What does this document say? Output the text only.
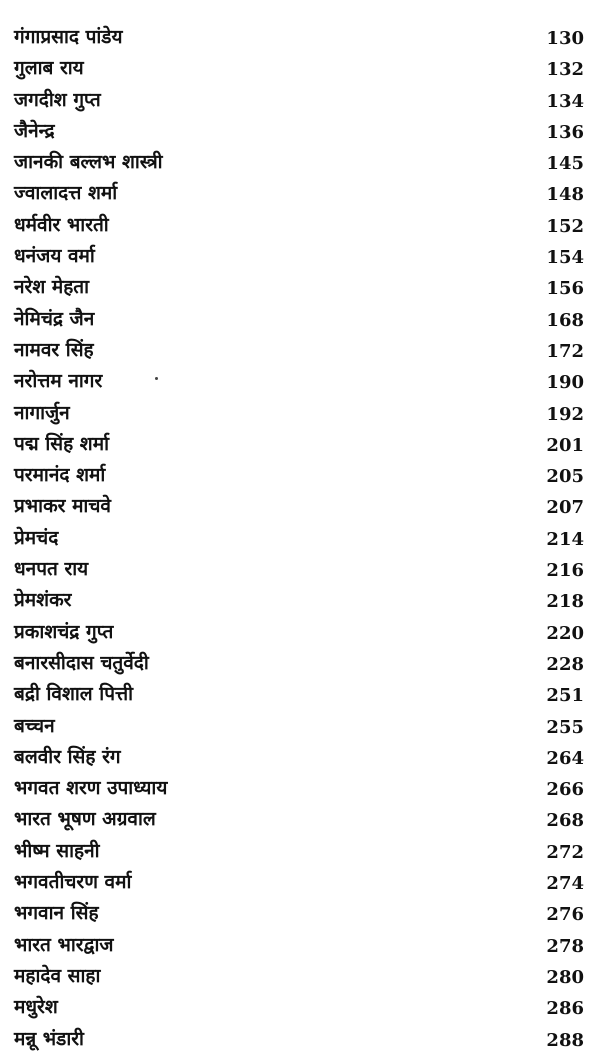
गंगाप्रसाद पांडेय	130
गुलाब राय	132
जगदीश गुप्त	134
जैनेन्द्र	136
जानकी बल्लभ शास्त्री	145
ज्वालादत्त शर्मा	148
धर्मवीर भारती	152
धनंजय वर्मा	154
नरेश मेहता	156
नेमिचंद्र जैन	168
नामवर सिंह	172
नरोत्तम नागर	190
नागार्जुन	192
पद्म सिंह शर्मा	201
परमानंद शर्मा	205
प्रभाकर माचवे	207
प्रेमचंद	214
धनपत राय	216
प्रेमशंकर	218
प्रकाशचंद्र गुप्त	220
बनारसीदास चतुर्वेदी	228
बद्री विशाल पित्ती	251
बच्चन	255
बलवीर सिंह रंग	264
भगवत शरण उपाध्याय	266
भारत भूषण अग्रवाल	268
भीष्म साहनी	272
भगवतीचरण वर्मा	274
भगवान सिंह	276
भारत भारद्वाज	278
महादेव साहा	280
मधुरेश	286
मन्नू भंडारी	288
